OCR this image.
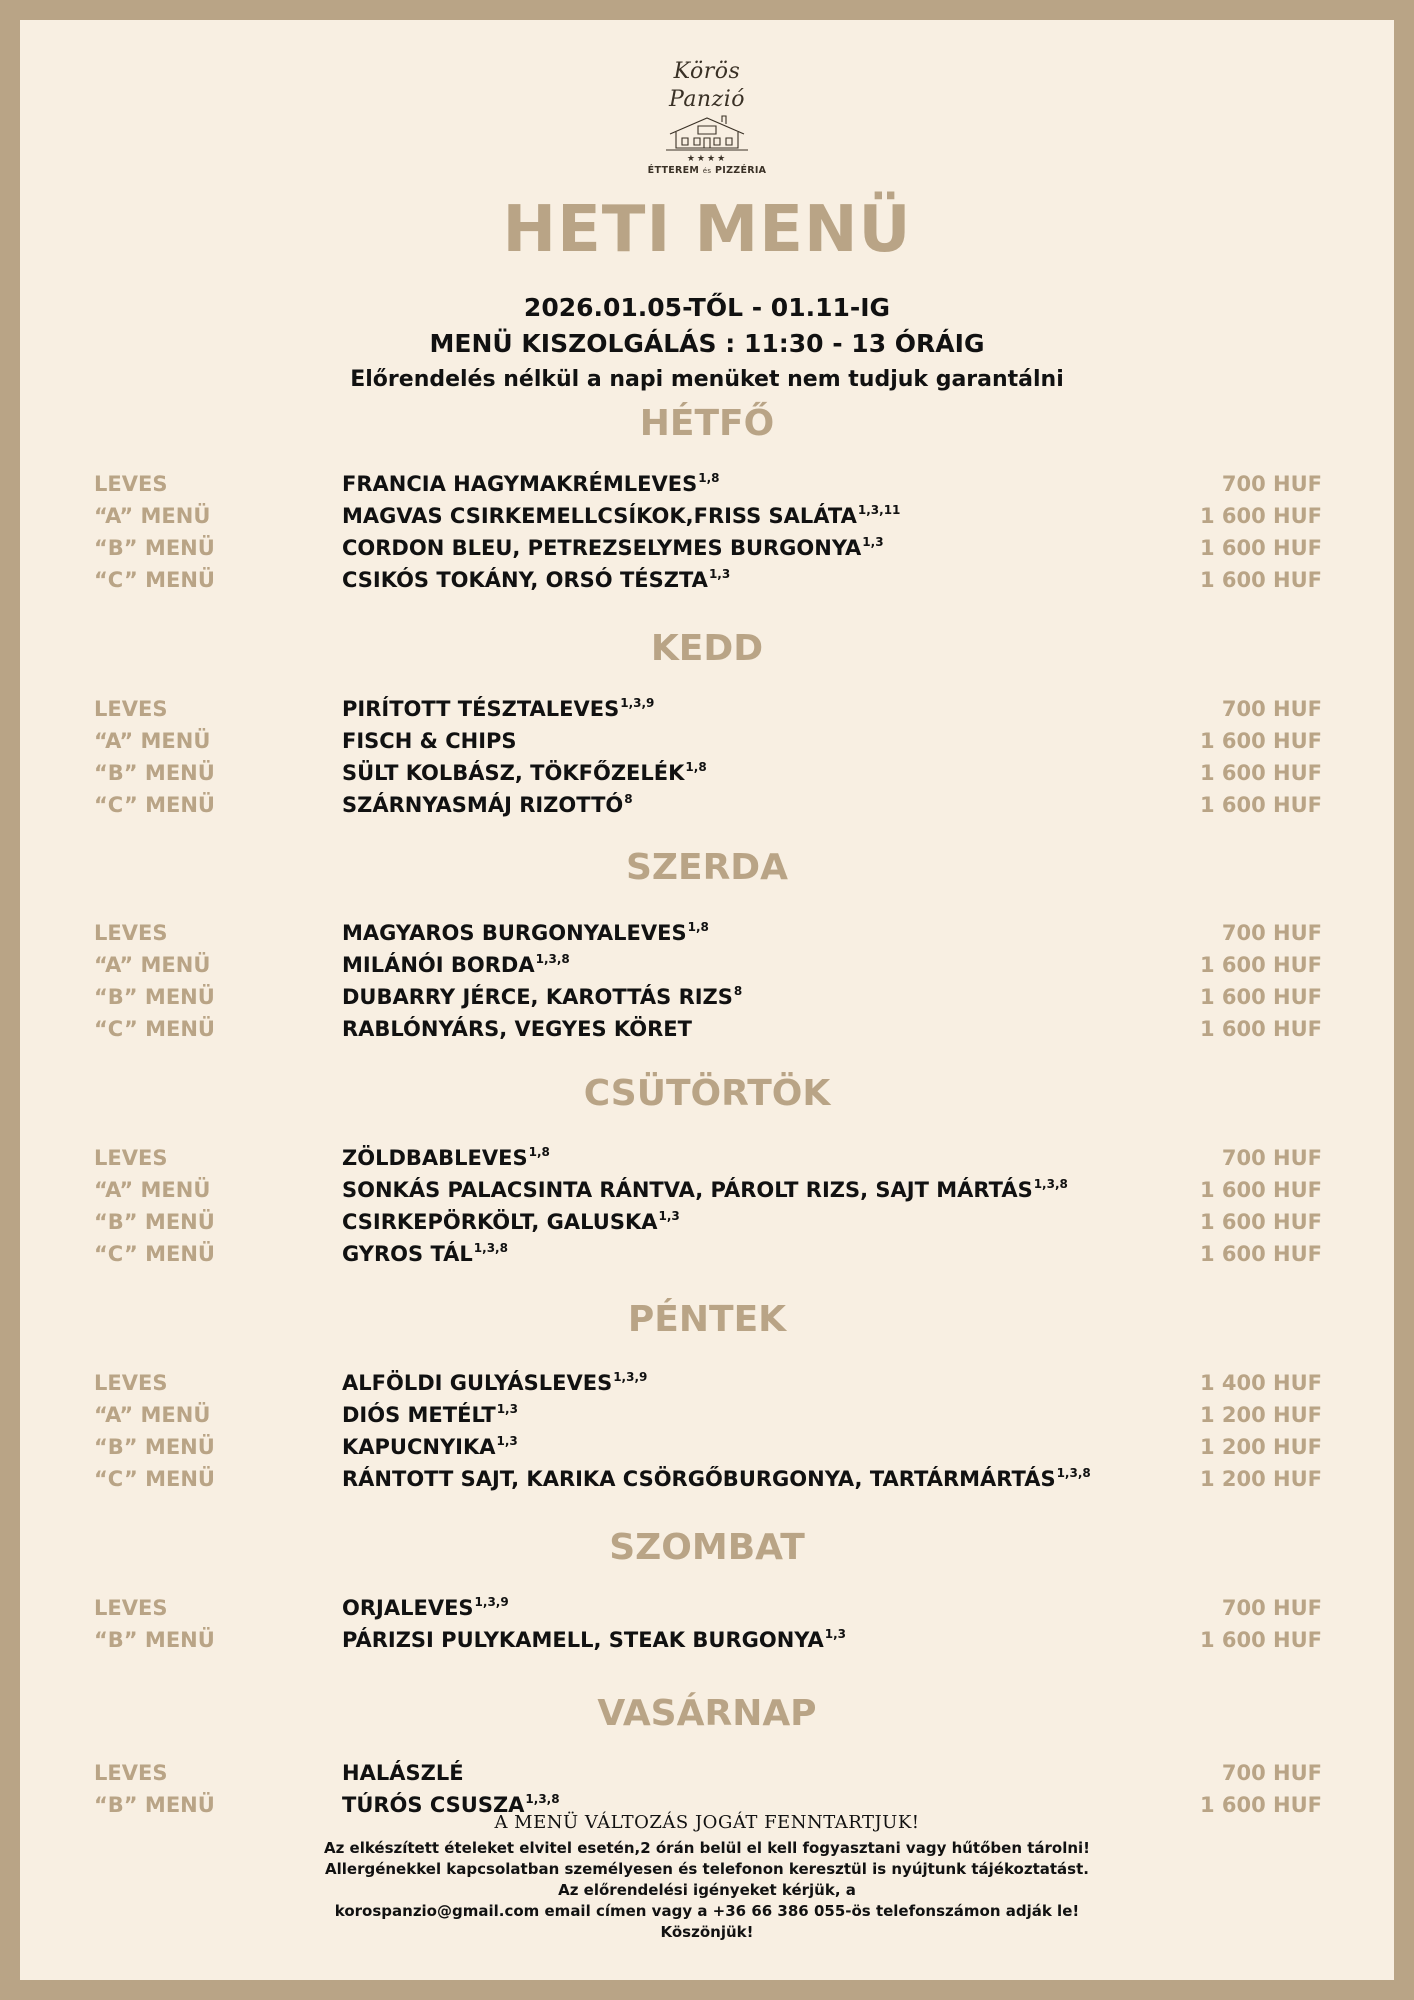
Körös Panzió
★★★★
ÉTTEREM és PIZZÉRIA
HETI MENÜ
2026.01.05-TŐL - 01.11-IG
MENÜ KISZOLGÁLÁS : 11:30 - 13 ÓRÁIG
Előrendelés nélkül a napi menüket nem tudjuk garantálni
HÉTFŐ
LEVES	FRANCIA HAGYMAKRÉMLEVES$^{1,8}$	700 HUF
“A” MENÜ	MAGVAS CSIRKEMELLCSÍKOK,FRISS SALÁTA$^{1,3,11}$	1 600 HUF
“B” MENÜ	CORDON BLEU, PETREZSELYMES BURGONYA$^{1,3}$	1 600 HUF
“C” MENÜ	CSIKÓS TOKÁNY, ORSÓ TÉSZTA$^{1,3}$	1 600 HUF
KEDD
LEVES	PIRÍTOTT TÉSZTALEVES$^{1,3,9}$	700 HUF
“A” MENÜ	FISCH & CHIPS	1 600 HUF
“B” MENÜ	SÜLT KOLBÁSZ, TÖKFŐZELÉK$^{1,8}$	1 600 HUF
“C” MENÜ	SZÁRNYASMÁJ RIZOTTÓ$^8$	1 600 HUF
SZERDA
LEVES	MAGYAROS BURGONYALEVES$^{1,8}$	700 HUF
“A” MENÜ	MILÁNÓI BORDA$^{1,3,8}$	1 600 HUF
“B” MENÜ	DUBARRY JÉRCE, KAROTTÁS RIZS$^8$	1 600 HUF
“C” MENÜ	RABLÓNYÁRS, VEGYES KÖRET	1 600 HUF
CSÜTÖRTÖK
LEVES	ZÖLDBABLEVES$^{1,8}$	700 HUF
“A” MENÜ	SONKÁS PALACSINTA RÁNTVA, PÁROLT RIZS, SAJT MÁRTÁS$^{1,3,8}$	1 600 HUF
“B” MENÜ	CSIRKEPÖRKÖLT, GALUSKA$^{1,3}$	1 600 HUF
“C” MENÜ	GYROS TÁL$^{1,3,8}$	1 600 HUF
PÉNTEK
LEVES	ALFÖLDI GULYÁSLEVES$^{1,3,9}$	1 400 HUF
“A” MENÜ	DIÓS METÉLT$^{1,3}$	1 200 HUF
“B” MENÜ	KAPUCNYIKA$^{1,3}$	1 200 HUF
“C” MENÜ	RÁNTOTT SAJT, KARIKA CSÖRGŐBURGONYA, TARTÁRMÁRTÁS$^{1,3,8}$	1 200 HUF
SZOMBAT
LEVES	ORJALEVES$^{1,3,9}$	700 HUF
“B” MENÜ	PÁRIZSI PULYKAMELL, STEAK BURGONYA$^{1,3}$	1 600 HUF
VASÁRNAP
LEVES	HALÁSZLÉ	700 HUF
“B” MENÜ	TÚRÓS CSUSZA$^{1,3,8}$	1 600 HUF

A MENÜ VÁLTOZÁS JOGÁT FENNTARTJUK!

Az elkészített ételeket elvitel esetén,2 órán belül el kell fogyasztani vagy hűtőben tárolni!

Allergénekkel kapcsolatban személyesen és telefonon keresztül is nyújtunk tájékoztatást.

Az előrendelési igényeket kérjük, a

korospanzio@gmail.com email címen vagy a +36 66 386 055-ös telefonszámon adják le!

Köszönjük!
